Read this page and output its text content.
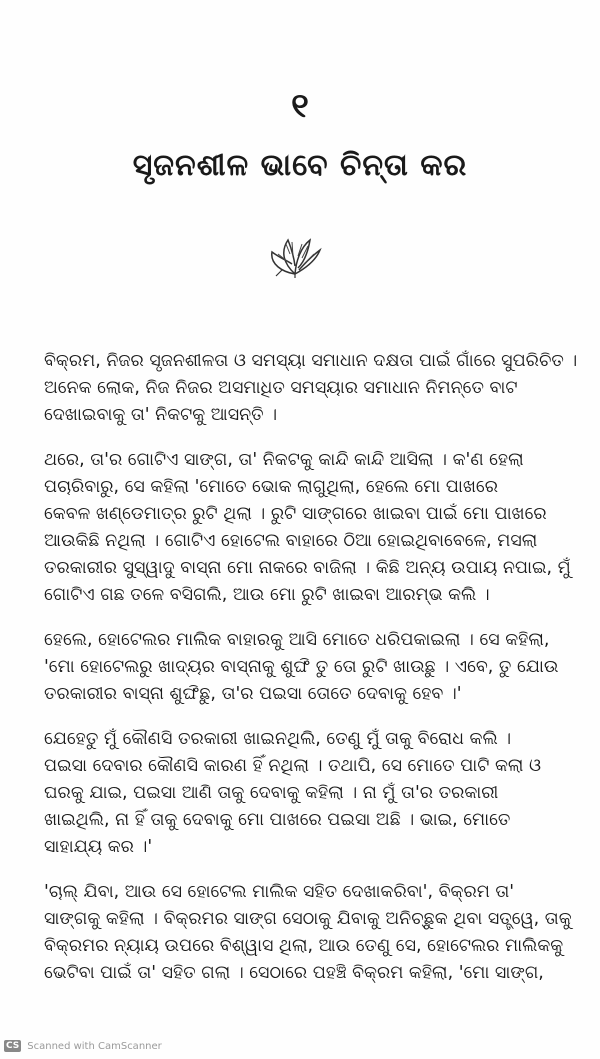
୧
ସୃଜନଶୀଳ ଭାବେ ଚିନ୍ତା କର

ବିକ୍ରମ, ନିଜର ସୃଜନଶୀଳତା ଓ ସମସ୍ୟା ସମାଧାନ ଦକ୍ଷତା ପାଇଁ ଗାଁରେ ସୁପରିଚିତ ।
ଅନେକ ଲୋକ, ନିଜ ନିଜର ଅସମାଧିତ ସମସ୍ୟାର ସମାଧାନ ନିମନ୍ତେ ବାଟ
ଦେଖାଇବାକୁ ତା' ନିକଟକୁ ଆସନ୍ତି ।

ଥରେ, ତା'ର ଗୋଟିଏ ସାଙ୍ଗ, ତା' ନିକଟକୁ କାନ୍ଦି କାନ୍ଦି ଆସିଲା । କ'ଣ ହେଲା
ପଚାରିବାରୁ, ସେ କହିଲା 'ମୋତେ ଭୋକ ଲାଗୁଥିଲା, ହେଲେ ମୋ ପାଖରେ
କେବଳ ଖଣ୍ଡେମାତ୍ର ରୁଟି ଥିଲା । ରୁଟି ସାଙ୍ଗରେ ଖାଇବା ପାଇଁ ମୋ ପାଖରେ
ଆଉକିଛି ନଥିଲା । ଗୋଟିଏ ହୋଟେଲ ବାହାରେ ଠିଆ ହୋଇଥିବାବେଳେ, ମସଲା
ତରକାରୀର ସୁସ୍ୱାଦୁ ବାସ୍ନା ମୋ ନାକରେ ବାଜିଲା । କିଛି ଅନ୍ୟ ଉପାୟ ନପାଇ, ମୁଁ
ଗୋଟିଏ ଗଛ ତଳେ ବସିଗଲି, ଆଉ ମୋ ରୁଟି ଖାଇବା ଆରମ୍ଭ କଲି ।

ହେଲେ, ହୋଟେଲର ମାଲିକ ବାହାରକୁ ଆସି ମୋତେ ଧରିପକାଇଲା । ସେ କହିଲା,
'ମୋ ହୋଟେଲରୁ ଖାଦ୍ୟର ବାସ୍ନାକୁ ଶୁଙ୍ଘି ତୁ ତୋ ରୁଟି ଖାଉଛୁ । ଏବେ, ତୁ ଯୋଉ
ତରକାରୀର ବାସ୍ନା ଶୁଙ୍ଘିଛୁ, ତା'ର ପଇସା ତୋତେ ଦେବାକୁ ହେବ ।'

ଯେହେତୁ ମୁଁ କୌଣସି ତରକାରୀ ଖାଇନଥିଲି, ତେଣୁ ମୁଁ ତାକୁ ବିରୋଧ କଲି ।
ପଇସା ଦେବାର କୌଣସି କାରଣ ହିଁ ନଥିଲା । ତଥାପି, ସେ ମୋତେ ପାଟି କଲା ଓ
ଘରକୁ ଯାଇ, ପଇସା ଆଣି ତାକୁ ଦେବାକୁ କହିଲା । ନା ମୁଁ ତା'ର ତରକାରୀ
ଖାଇଥିଲି, ନା ହିଁ ତାକୁ ଦେବାକୁ ମୋ ପାଖରେ ପଇସା ଅଛି । ଭାଇ, ମୋତେ
ସାହାଯ୍ୟ କର ।'

'ଚାଲ୍ ଯିବା, ଆଉ ସେ ହୋଟେଲ ମାଲିକ ସହିତ ଦେଖାକରିବା', ବିକ୍ରମ ତା'
ସାଙ୍ଗକୁ କହିଲା । ବିକ୍ରମର ସାଙ୍ଗ ସେଠାକୁ ଯିବାକୁ ଅନିଚ୍ଛୁକ ଥିବା ସତ୍ତ୍ୱେ, ତାକୁ
ବିକ୍ରମର ନ୍ୟାୟ ଉପରେ ବିଶ୍ୱାସ ଥିଲା, ଆଉ ତେଣୁ ସେ, ହୋଟେଲର ମାଲିକକୁ
ଭେଟିବା ପାଇଁ ତା' ସହିତ ଗଲା । ସେଠାରେ ପହଞ୍ଚି ବିକ୍ରମ କହିଲା, 'ମୋ ସାଙ୍ଗ,

CS Scanned with CamScanner
